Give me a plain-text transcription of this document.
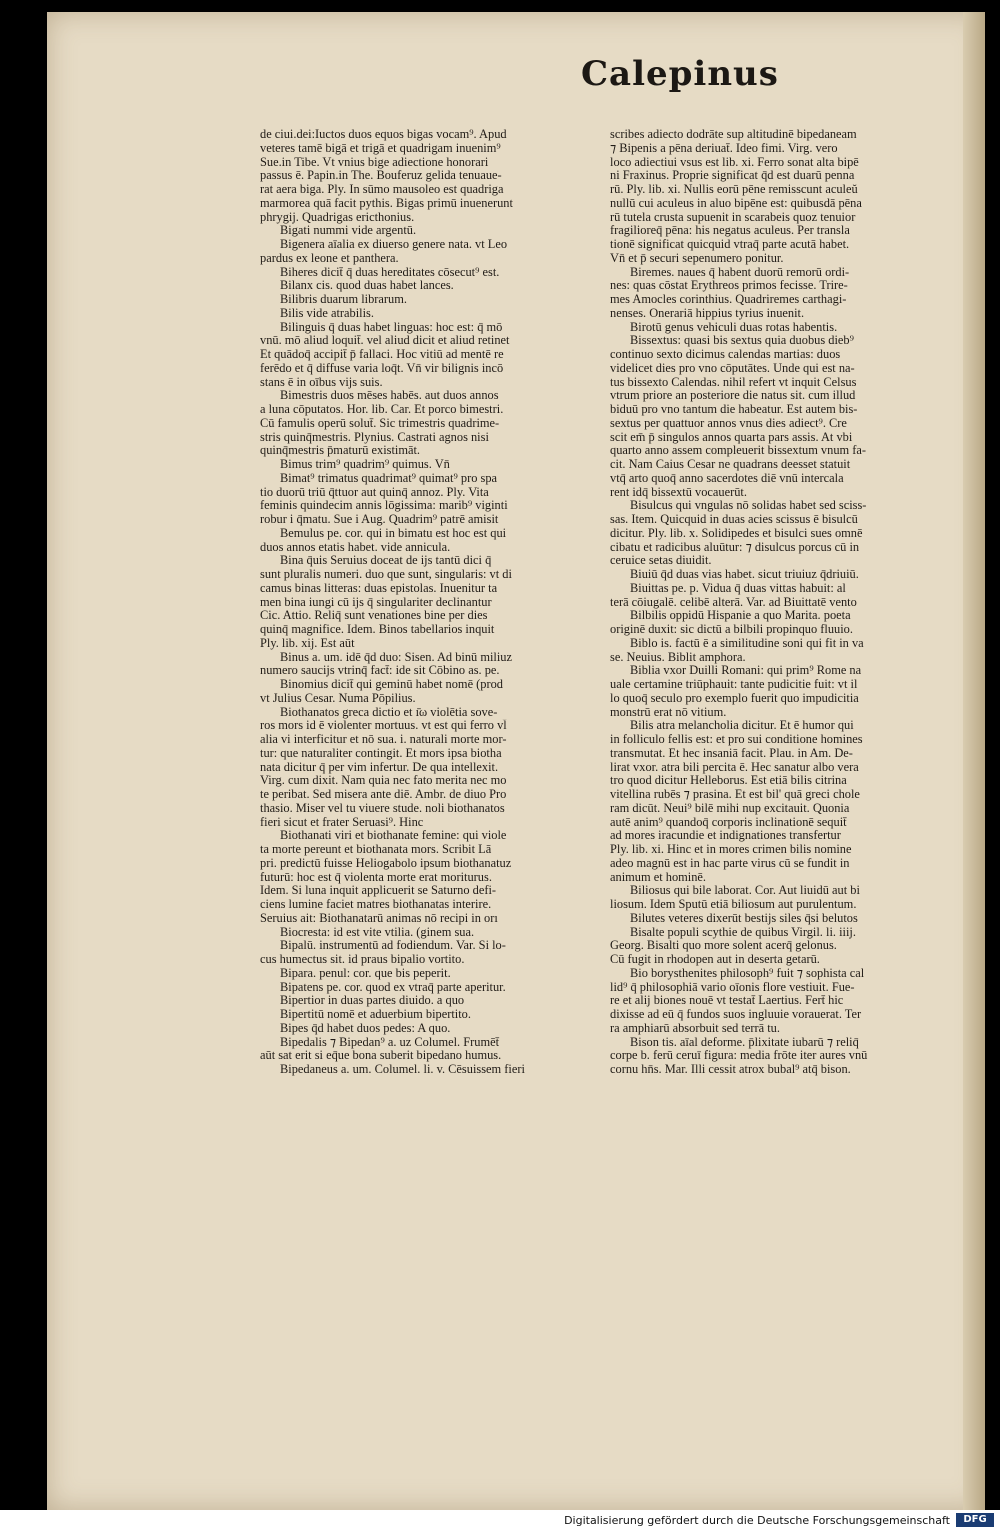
Calepinus
de ciui.dei:Iuctos duos equos bigas vocam⁹. Apud
veteres tamē bigā et trigā et quadrigam inuenim⁹
Sue.in Tibe. Vt vnius bige adiectione honorari
passus ē. Papin.in The. Bouferuz gelida tenuaue-
rat aera biga. Ply. In sūmo mausoleo est quadriga
marmorea quā facit pythis. Bigas primū inuenerunt
phrygij. Quadrigas ericthonius.
Bigati nummi vide argentū.
Bigenera aīalia ex diuerso genere nata. vt Leo
pardus ex leone et panthera.
Biheres dicit̄ q̄ duas hereditates cōsecut⁹ est.
Bilanx cis. quod duas habet lances.
Bilibris duarum librarum.
Bilis vide atrabilis.
Bilinguis q̄ duas habet linguas: hoc est: q̄ mō
vnū. mō aliud loquit̄. vel aliud dicit et aliud retinet
Et quādoq̄ accipit̄ p̄ fallaci. Hoc vitiū ad mentē re
ferēdo et q̄ diffuse varia loq̄t. Vn̄ vir bilignis incō
stans ē in oībus vijs suis.
Bimestris duos mēses habēs. aut duos annos
a luna cōputatos. Hor. lib. Car. Et porco bimestri.
Cū famulis operū solut̄. Sic trimestris quadrime-
stris quinq̄mestris. Plynius. Castrati agnos nisi
quinq̄mestris p̄maturū existimāt.
Bimus trim⁹ quadrim⁹ quimus. Vn̄
Bimat⁹ trimatus quadrimat⁹ quimat⁹ pro spa
tio duorū triū q̄ttuor aut quinq̄ annoz. Ply. Vita
feminis quindecim annis lōgissima: marib⁹ viginti
robur i q̄matu. Sue i Aug. Quadrim⁹ patrē amisit
Bemulus pe. cor. qui in bimatu est hoc est qui
duos annos etatis habet. vide annicula.
Bina q̄uis Seruius doceat de ijs tantū dici q̄
sunt pluralis numeri. duo que sunt, singularis: vt di
camus binas litteras: duas epistolas. Inuenitur ta
men bina iungi cū ijs q̄ singulariter declinantur
Cic. Attio. Reliq̄ sunt venationes bine per dies
quinq̄ magnifice. Idem. Binos tabellarios inquit
Ply. lib. xij. Est aūt
Binus a. um. idē q̄d duo: Sisen. Ad binū miliuz
numero saucijs vtrinq̄ fact̄: ide sit Cōbino as. pe.
Binomius dicit̄ qui geminū habet nomē (prod
vt Julius Cesar. Numa Pōpilius.
Biothanatos greca dictio et ı̄ω violētia sove-
ros mors id ē violenter mortuus. vt est qui ferro vl̄
alia vi interficitur et nō sua. i. naturali morte mor-
tur: que naturaliter contingit. Et mors ipsa biotha
nata dicitur q̄ per vim infertur. De qua intellexit.
Virg. cum dixit. Nam quia nec fato merita nec mo
te peribat. Sed misera ante diē. Ambr. de diuo Pro
thasio. Miser vel tu viuere stude. noli biothanatos
fieri sicut et frater Seruasi⁹. Hinc
Biothanati viri et biothanate femine: qui viole
ta morte pereunt et biothanata mors. Scribit Lā
pri. predictū fuisse Heliogabolo ipsum biothanatuz
futurū: hoc est q̄ violenta morte erat moriturus.
Idem. Si luna inquit applicuerit se Saturno defi-
ciens lumine faciet matres biothanatas interire.
Seruius ait: Biothanatarū animas nō recipi in orı
Biocresta: id est vite vtilia. (ginem sua.
Bipalū. instrumentū ad fodiendum. Var. Si lo-
cus humectus sit. id praus bipalio vortito.
Bipara. penul: cor. que bis peperit.
Bipatens pe. cor. quod ex vtraq̄ parte aperitur.
Bipertior in duas partes diuido. a quo
Bipertitū nomē et aduerbium bipertito.
Bipes q̄d habet duos pedes: A quo.
Bipedalis ⁊ Bipedan⁹ a. uz Columel. Frumēt̄
aūt sat erit si eq̄ue bona suberit bipedano humus.
Bipedaneus a. um. Columel. li. v. Cēsuissem fieri
scribes adiecto dodrāte sup altitudinē bipedaneam
⁊ Bipenis a pēna deriuat̄. Ideo fimi. Virg. vero
loco adiectiui vsus est lib. xi. Ferro sonat alta bipē
ni Fraxinus. Proprie significat q̄d est duarū penna
rū. Ply. lib. xi. Nullis eorū pēne remisscunt aculeŭ
nullū cui aculeus in aluo bipēne est: quibusdā pēna
rū tutela crusta supuenit in scarabeis quoz tenuior
fragilioreq̄ pēna: his negatus aculeus. Per transla
tionē significat quicquid vtraq̄ parte acutā habet.
Vn̄ et p̄ securi sepenumero ponitur.
Biremes. naues q̄ habent duorū remorū ordi-
nes: quas cōstat Erythreos primos fecisse. Trire-
mes Amocles corinthius. Quadriremes carthagi-
nenses. Onerariā hippius tyrius inuenit.
Birotū genus vehiculi duas rotas habentis.
Bissextus: quasi bis sextus quia duobus dieb⁹
continuo sexto dicimus calendas martias: duos
videlicet dies pro vno cōputātes. Unde qui est na-
tus bissexto Calendas. nihil refert vt inquit Celsus
vtrum priore an posteriore die natus sit. cum illud
biduū pro vno tantum die habeatur. Est autem bis-
sextus per quattuor annos vnus dies adiect⁹. Cre
scit em̄ p̄ singulos annos quarta pars assis. At vbi
quarto anno assem compleuerit bissextum vnum fa-
cit. Nam Caius Cesar ne quadrans deesset statuit
vtq̄ arto quoq̄ anno sacerdotes diē vnū intercala
rent idq̄ bissextū vocauerūt.
Bisulcus qui vngulas nō solidas habet sed sciss-
sas. Item. Quicquid in duas acies scissus ē bisulcū
dicitur. Ply. lib. x. Solidipedes et bisulci sues omnē
cibatu et radicibus aluūtur: ⁊ disulcus porcus cū in
ceruice setas diuidit.
Biuiū q̄d duas vias habet. sicut triuiuz q̄driuiū.
Biuittas pe. p. Vidua q̄ duas vittas habuit: al
terā cōiugalē. celibē alterā. Var. ad Biuittatē vento
Bilbilis oppidū Hispanie a quo Marita. poeta
originē duxit: sic dictū a bilbili propinquo fluuio.
Biblo is. factū ē a similitudine soni qui fit in va
se. Neuius. Biblit amphora.
Biblia vxor Duilli Romani: qui prim⁹ Rome na
uale certamine triūphauit: tante pudicitie fuit: vt il
lo quoq̄ seculo pro exemplo fuerit quo impudicitia
monstrū erat nō vitium.
Bilis atra melancholia dicitur. Et ē humor qui
in folliculo fellis est: et pro sui conditione homines
transmutat. Et hec insaniā facit. Plau. in Am. De-
lirat vxor. atra bili percita ē. Hec sanatur albo vera
tro quod dicitur Helleborus. Est etiā bilis citrina
vitellina rubēs ⁊ prasina. Et est bil' quā greci chole
ram dicūt. Neui⁹ bilē mihi nup excitauit. Quonia
autē anim⁹ quandoq̄ corporis inclinationē sequit̄
ad mores iracundie et indignationes transfertur
Ply. lib. xi. Hinc et in mores crimen bilis nomine
adeo magnū est in hac parte virus cū se fundit in
animum et hominē.
Biliosus qui bile laborat. Cor. Aut liuidū aut bi
liosum. Idem Sputū etiā biliosum aut purulentum.
Bilutes veteres dixerūt bestijs siles q̄si belutos
Bisalte populi scythie de quibus Virgil. li. iiij.
Georg. Bisalti quo more solent acerq̄ gelonus.
Cū fugit in rhodopen aut in deserta getarū.
Bio borysthenites philosoph⁹ fuit ⁊ sophista cal
lid⁹ q̄ philosophiā vario oīonis flore vestiuit. Fue-
re et alij biones nouē vt testat̄ Laertius. Fert̄ hic
dixisse ad eū q̄ fundos suos ingluuie vorauerat. Ter
ra amphiarū absorbuit sed terrā tu.
Bison tis. aīal deforme. p̄lixitate iubarū ⁊ reliq̄
corpe b. ferū ceruī figura: media frōte iter aures vnū
cornu hn̄s. Mar. Illi cessit atrox bubal⁹ atq̄ bison.
Digitalisierung gefördert durch die Deutsche Forschungsgemeinschaft	DFG
